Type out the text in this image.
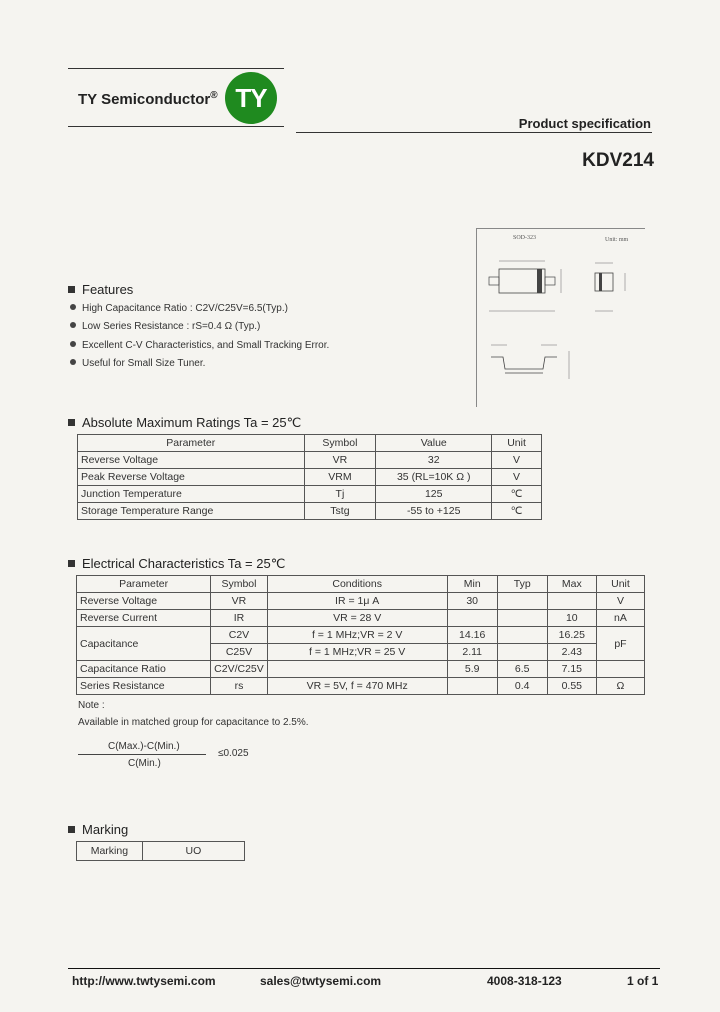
TY Semiconductor® TY
Product specification
KDV214
SOD-323	Unit: mm
Features
High Capacitance Ratio : C2V/C25V=6.5(Typ.)
Low Series Resistance : rS=0.4 Ω (Typ.)
Excellent C-V Characteristics, and Small Tracking Error.
Useful for Small Size Tuner.
Absolute Maximum Ratings Ta = 25℃
Parameter	Symbol	Value	Unit
Reverse Voltage	VR	32	V
Peak Reverse Voltage	VRM	35 (RL=10K Ω )	V
Junction Temperature	Tj	125	℃
Storage Temperature Range	Tstg	-55 to +125	℃
Electrical Characteristics Ta = 25℃
Parameter	Symbol	Conditions	Min	Typ	Max	Unit
Reverse Voltage	VR	IR = 1μ A	30			V
Reverse Current	IR	VR = 28 V			10	nA
Capacitance	C2V	f = 1 MHz;VR = 2 V	14.16		16.25	pF
	C25V	f = 1 MHz;VR = 25 V	2.11		2.43	
Capacitance Ratio	C2V/C25V		5.9	6.5	7.15	
Series Resistance	rs	VR = 5V, f = 470 MHz		0.4	0.55	Ω
Note :
Available in matched group for capacitance to 2.5%.
C(Max.)-C(Min.)
C(Min.)
≤0.025
Marking
Marking	UO
http://www.twtysemi.com	sales@twtysemi.com	4008-318-123	1 of 1
